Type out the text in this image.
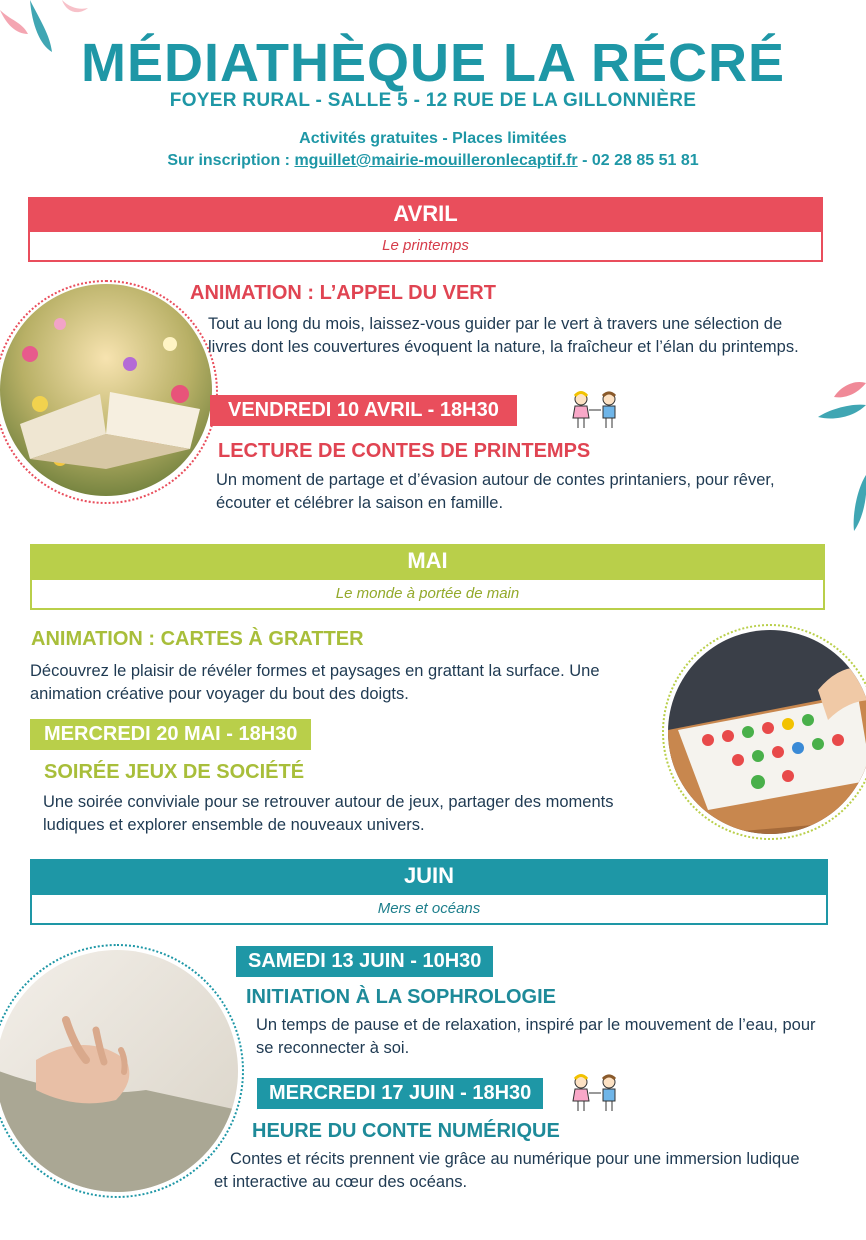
MÉDIATHÈQUE LA RÉCRÉ
FOYER RURAL - SALLE 5 - 12 RUE DE LA GILLONNIÈRE
Activités gratuites - Places limitées
Sur inscription : mguillet@mairie-mouilleronlecaptif.fr - 02 28 85 51 81
AVRIL
Le printemps
ANIMATION : L’APPEL DU VERT
Tout au long du mois, laissez-vous guider par le vert à travers une sélection de livres dont les couvertures évoquent la nature, la fraîcheur et l’élan du printemps.
VENDREDI 10 AVRIL - 18H30
LECTURE DE CONTES DE PRINTEMPS
Un moment de partage et d’évasion autour de contes printaniers, pour rêver, écouter et célébrer la saison en famille.
MAI
Le monde à portée de main
ANIMATION : CARTES À GRATTER
Découvrez le plaisir de révéler formes et paysages en grattant la surface. Une animation créative pour voyager du bout des doigts.
MERCREDI 20 MAI - 18H30
SOIRÉE JEUX DE SOCIÉTÉ
Une soirée conviviale pour se retrouver autour de jeux, partager des moments ludiques et explorer ensemble de nouveaux univers.
JUIN
Mers et océans
SAMEDI 13 JUIN - 10H30
INITIATION À LA SOPHROLOGIE
Un temps de pause et de relaxation, inspiré par le mouvement de l’eau, pour se reconnecter à soi.
MERCREDI 17 JUIN - 18H30
HEURE DU CONTE NUMÉRIQUE
Contes et récits prennent vie grâce au numérique pour une immersion ludique et interactive au cœur des océans.
